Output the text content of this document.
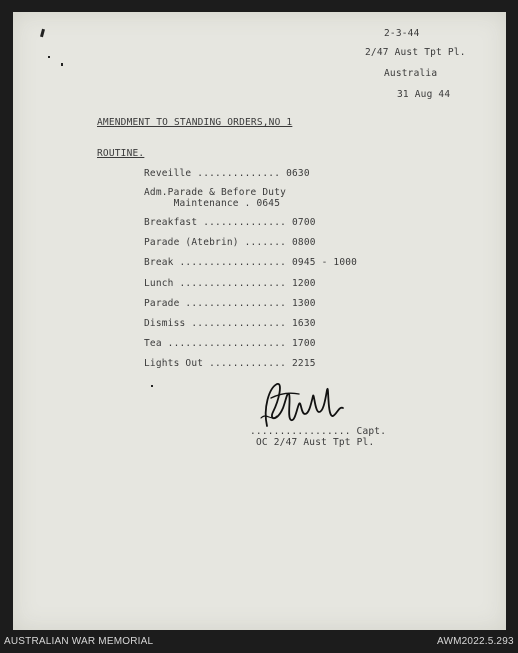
2-3-44
2/47 Aust Tpt Pl.
Australia
31 Aug 44
AMENDMENT TO STANDING ORDERS,NO 1
ROUTINE.
Reveille .............. 0630
Adm.Parade & Before Duty
Maintenance . 0645
Breakfast .............. 0700
Parade (Atebrin) ....... 0800
Break .................. 0945 - 1000
Lunch .................. 1200
Parade ................. 1300
Dismiss ................ 1630
Tea .................... 1700
Lights Out ............. 2215
................. Capt.
OC 2/47 Aust Tpt Pl.
AUSTRALIAN WAR MEMORIAL	AWM2022.5.293
